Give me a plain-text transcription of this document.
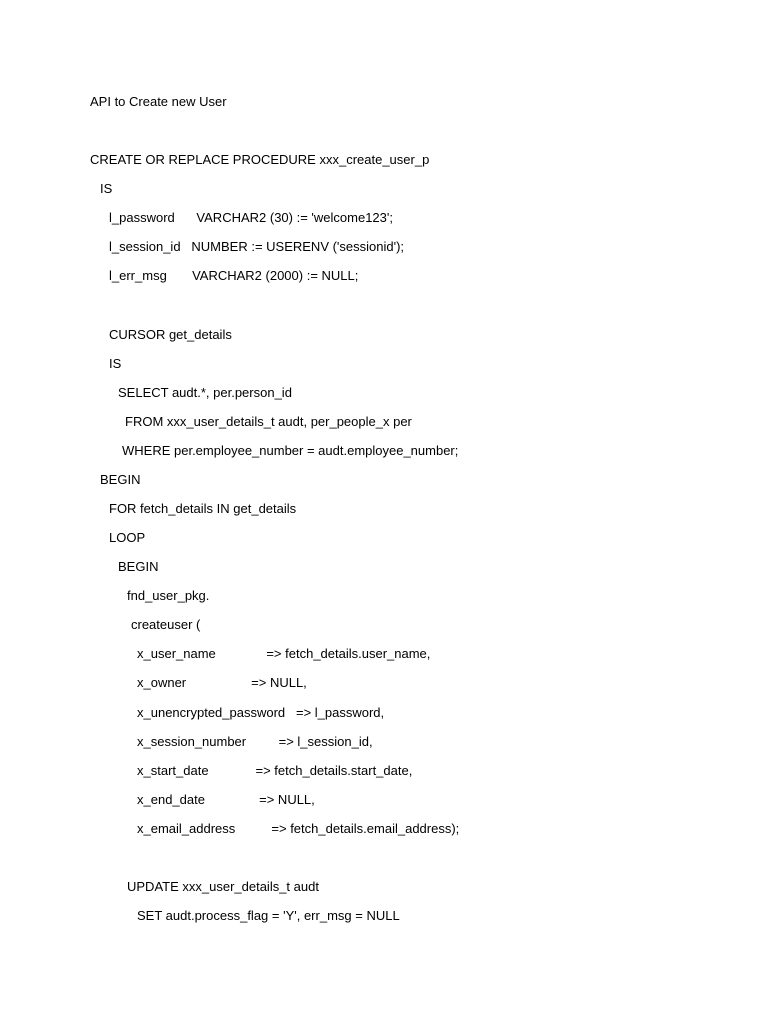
API to Create new User
CREATE OR REPLACE PROCEDURE xxx_create_user_p
IS
l_password      VARCHAR2 (30) := 'welcome123';
l_session_id   NUMBER := USERENV ('sessionid');
l_err_msg       VARCHAR2 (2000) := NULL;
CURSOR get_details
IS
SELECT audt.*, per.person_id
FROM xxx_user_details_t audt, per_people_x per
WHERE per.employee_number = audt.employee_number;
BEGIN
FOR fetch_details IN get_details
LOOP
BEGIN
fnd_user_pkg.
createuser (
x_user_name              => fetch_details.user_name,
x_owner                  => NULL,
x_unencrypted_password   => l_password,
x_session_number         => l_session_id,
x_start_date             => fetch_details.start_date,
x_end_date               => NULL,
x_email_address          => fetch_details.email_address);
UPDATE xxx_user_details_t audt
SET audt.process_flag = 'Y', err_msg = NULL
